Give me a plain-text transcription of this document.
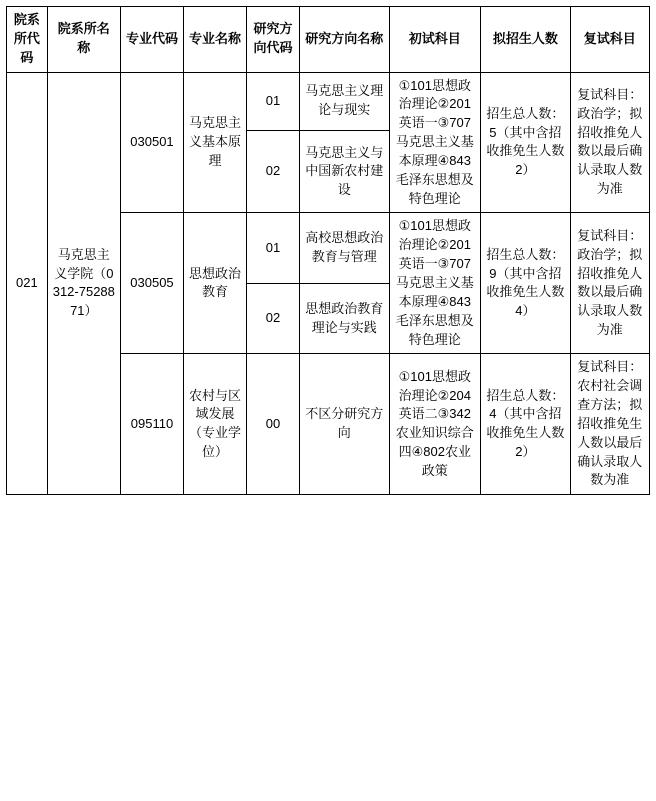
院系所代码	院系所名称	专业代码	专业名称	研究方向代码	研究方向名称	初试科目	拟招生人数	复试科目
021	马克思主义学院（0312-7528871）	030501	马克思主义基本原理	01	马克思主义理论与现实	①101思想政治理论②201英语一③707马克思主义基本原理④843毛泽东思想及特色理论	招生总人数：5（其中含招收推免生人数2）	复试科目：政治学；拟招收推免人数以最后确认录取人数为准
				02	马克思主义与中国新农村建设			
		030505	思想政治教育	01	高校思想政治教育与管理	①101思想政治理论②201英语一③707马克思主义基本原理④843毛泽东思想及特色理论	招生总人数：9（其中含招收推免生人数4）	复试科目：政治学；拟招收推免人数以最后确认录取人数为准
				02	思想政治教育理论与实践			
		095110	农村与区域发展（专业学位）	00	不区分研究方向	①101思想政治理论②204英语二③342农业知识综合四④802农业政策	招生总人数：4（其中含招收推免生人数2）	复试科目：农村社会调查方法；拟招收推免生人数以最后确认录取人数为准
